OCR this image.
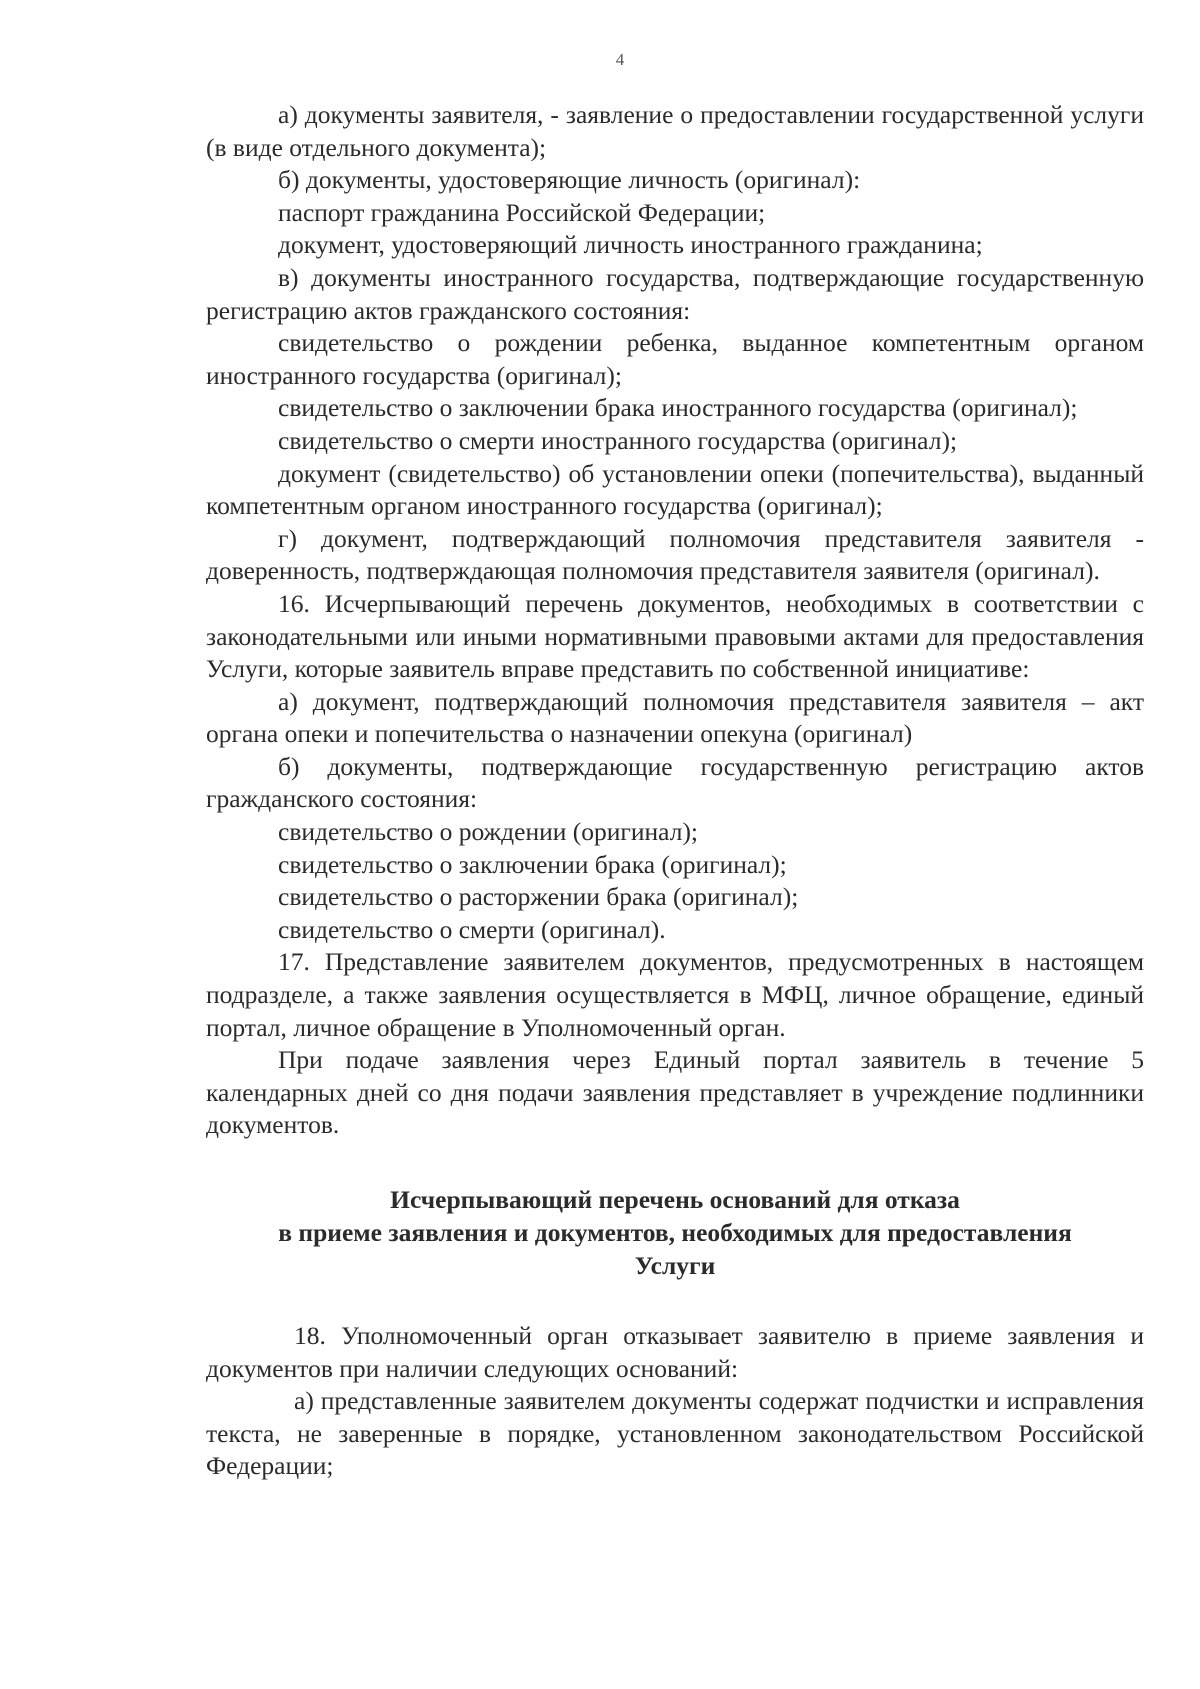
4

а) документы заявителя, - заявление о предоставлении государственной услуги (в виде отдельного документа);

б) документы, удостоверяющие личность (оригинал):

паспорт гражданина Российской Федерации;

документ, удостоверяющий личность иностранного гражданина;

в) документы иностранного государства, подтверждающие государственную регистрацию актов гражданского состояния:

свидетельство о рождении ребенка, выданное компетентным органом иностранного государства (оригинал);

свидетельство о заключении брака иностранного государства (оригинал);

свидетельство о смерти иностранного государства (оригинал);

документ (свидетельство) об установлении опеки (попечительства), выданный компетентным органом иностранного государства (оригинал);

г) документ, подтверждающий полномочия представителя заявителя - доверенность, подтверждающая полномочия представителя заявителя (оригинал).

16. Исчерпывающий перечень документов, необходимых в соответствии с законодательными или иными нормативными правовыми актами для предоставления Услуги, которые заявитель вправе представить по собственной инициативе:

а) документ, подтверждающий полномочия представителя заявителя – акт органа опеки и попечительства о назначении опекуна (оригинал)

б) документы, подтверждающие государственную регистрацию актов гражданского состояния:

свидетельство о рождении (оригинал);

свидетельство о заключении брака (оригинал);

свидетельство о расторжении брака (оригинал);

свидетельство о смерти (оригинал).

17. Представление заявителем документов, предусмотренных в настоящем подразделе, а также заявления осуществляется в МФЦ, личное обращение, единый портал, личное обращение в Уполномоченный орган.

При подаче заявления через Единый портал заявитель в течение 5 календарных дней со дня подачи заявления представляет в учреждение подлинники документов.

Исчерпывающий перечень оснований для отказа
в приеме заявления и документов, необходимых для предоставления
Услуги

18. Уполномоченный орган отказывает заявителю в приеме заявления и документов при наличии следующих оснований:

а) представленные заявителем документы содержат подчистки и исправления текста, не заверенные в порядке, установленном законодательством Российской Федерации;
